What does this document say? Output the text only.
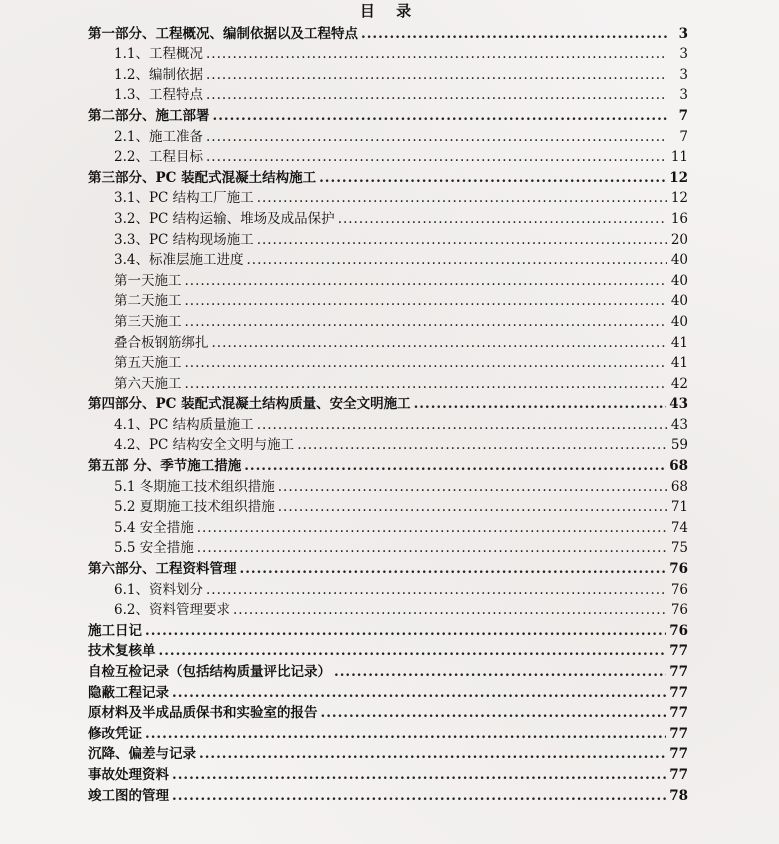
目 录
第一部分、工程概况、编制依据以及工程特点 .....	3
1.1、工程概况 .....	3
1.2、编制依据 .....	3
1.3、工程特点 .....	3
第二部分、施工部署 .....	7
2.1、施工准备 .....	7
2.2、工程目标 .....	11
第三部分、PC 装配式混凝土结构施工 .....	12
3.1、PC 结构工厂施工 .....	12
3.2、PC 结构运输、堆场及成品保护 .....	16
3.3、PC 结构现场施工 .....	20
3.4、标准层施工进度 .....	40
第一天施工 .....	40
第二天施工 .....	40
第三天施工 .....	40
叠合板钢筋绑扎 .....	41
第五天施工 .....	41
第六天施工 .....	42
第四部分、PC 装配式混凝土结构质量、安全文明施工 .....	43
4.1、PC 结构质量施工 .....	43
4.2、PC 结构安全文明与施工 .....	59
第五部 分、季节施工措施 .....	68
5.1 冬期施工技术组织措施 .....	68
5.2 夏期施工技术组织措施 .....	71
5.4 安全措施 .....	74
5.5 安全措施 .....	75
第六部分、工程资料管理 .....	76
6.1、资料划分 .....	76
6.2、资料管理要求 .....	76
施工日记 .....	76
技术复核单 .....	77
自检互检记录（包括结构质量评比记录） .....	77
隐蔽工程记录 .....	77
原材料及半成品质保书和实验室的报告 .....	77
修改凭证 .....	77
沉降、偏差与记录 .....	77
事故处理资料 .....	77
竣工图的管理 .....	78
